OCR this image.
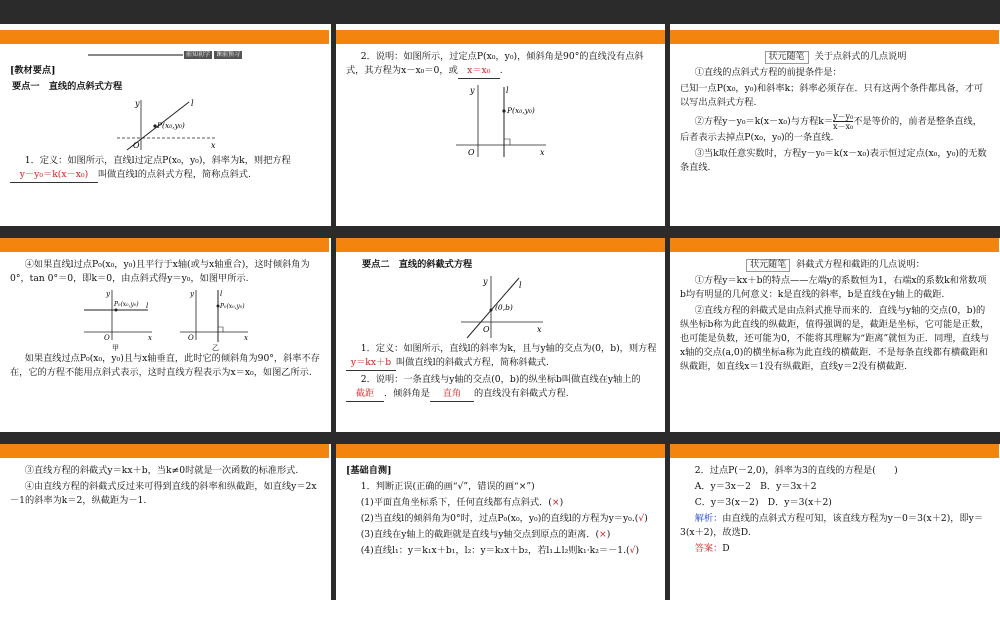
前知初学	课前预习

[教材要点]

要点一　直线的点斜式方程

y
x
O
l
P(x₀,y₀)

1．定义：如图所示，直线l过定点P(x₀，y₀)，斜率为k，则把方程y－y₀＝k(x－x₀) 叫做直线l的点斜式方程，简称点斜式.

2．说明：如图所示，过定点P(x₀，y₀)，倾斜角是90°的直线没有点斜式，其方程为x－x₀＝0，或 x＝x₀ .

y
x
O
l
P(x₀,y₀)

状元随笔 关于点斜式的几点说明

①直线的点斜式方程的前提条件是：

已知一点P(x₀，y₀)和斜率k；斜率必须存在．只有这两个条件都具备，才可以写出点斜式方程.

②方程y－y₀＝k(x－x₀)与方程$k= \frac{\text{y－y₀}}{\text{x－x₀}}$ 不是等价的，前者是整条直线，后者表示去掉点P(x₀，y₀)的一条直线.

③当k取任意实数时，方程y－y₀＝k(x－x₀)表示恒过定点(x₀，y₀)的无数条直线.

④如果直线l过点P₀(x₀，y₀)且平行于x轴(或与x轴重合)，这时倾斜角为0°，tan 0°＝0，即k＝0，由点斜式得y＝y₀，如图甲所示.

y
x
O
l
P₀(x₀,y₀)
甲
y
x
O
l
P₀(x₀,y₀)
乙

如果直线过点P₀(x₀，y₀)且与x轴垂直，此时它的倾斜角为90°，斜率不存在，它的方程不能用点斜式表示，这时直线方程表示为x＝x₀，如图乙所示.

要点二　直线的斜截式方程

y
x
O
l
(0,b)

1．定义：如图所示，直线l的斜率为k，且与y轴的交点为(0，b)，则方程y＝kx＋b 叫做直线l的斜截式方程，简称斜截式.

2．说明：一条直线与y轴的交点(0，b)的纵坐标b叫做直线在y轴上的截距 ．倾斜角是 直角 的直线没有斜截式方程.

状元随笔 斜截式方程和截距的几点说明：

①方程y＝kx＋b的特点——左端y的系数恒为1，右端x的系数k和常数项b均有明显的几何意义：k是直线的斜率，b是直线在y轴上的截距.

②直线方程的斜截式是由点斜式推导而来的．直线与y轴的交点(0，b)的纵坐标b称为此直线的纵截距，值得强调的是，截距是坐标，它可能是正数，也可能是负数，还可能为0，不能将其理解为“距离”就恒为正．同理，直线与x轴的交点(a,0)的横坐标a称为此直线的横截距．不是每条直线都有横截距和纵截距，如直线x＝1没有纵截距，直线y＝2没有横截距.

③直线方程的斜截式y＝kx＋b，当k≠0时就是一次函数的标准形式.

④由直线方程的斜截式反过来可得到直线的斜率和纵截距，如直线y＝2x－1的斜率为k＝2，纵截距为－1.

[基础自测]

1．判断正误(正确的画“√”，错误的画“×”)

(1)平面直角坐标系下，任何直线都有点斜式．(×)

(2)当直线l的倾斜角为0°时，过点P₀(x₀，y₀)的直线l的方程为y＝y₀.(√)

(3)直线在y轴上的截距就是直线与y轴交点到原点的距离．(×)

(4)直线l₁：y＝k₁x＋b₁，l₂：y＝k₂x＋b₂，若l₁⊥l₂则k₁·k₂＝－1.(√)

2．过点P(－2,0)，斜率为3的直线的方程是(　　)

A．y＝3x－2　 B．y＝3x＋2

C．y＝3(x－2)　 D．y＝3(x＋2)

解析：由直线的点斜式方程可知，该直线方程为y－0＝3(x＋2)，即y＝3(x＋2)，故选D.

答案：D
